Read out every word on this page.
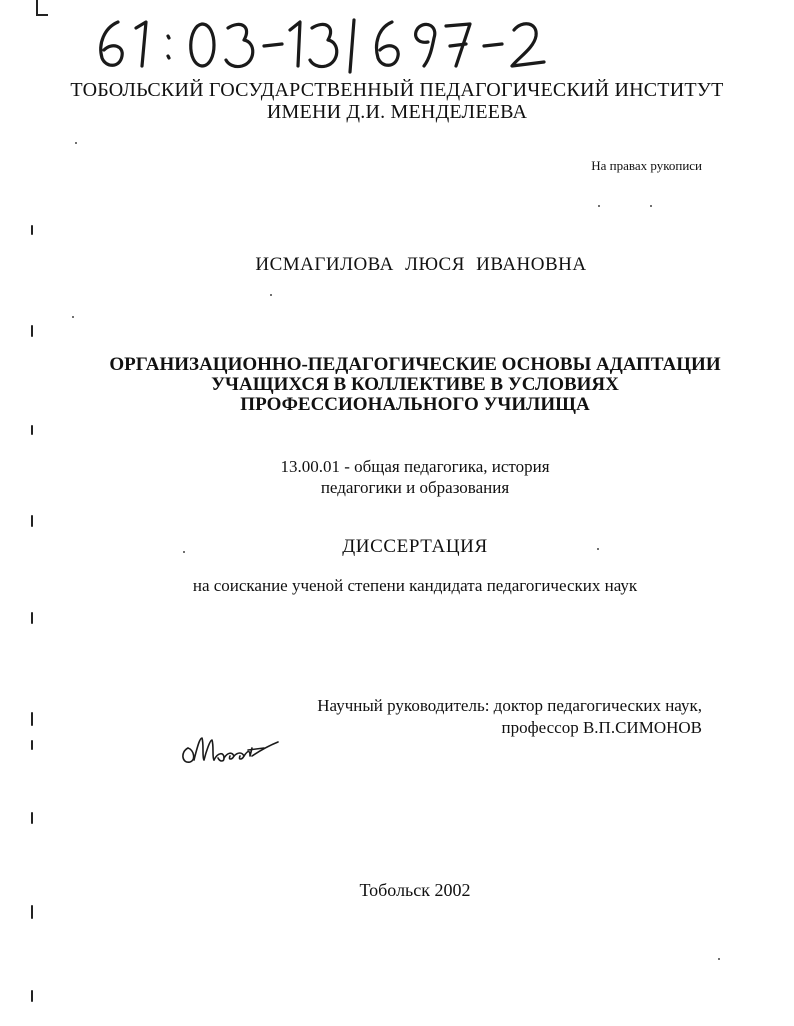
ТОБОЛЬСКИЙ ГОСУДАРСТВЕННЫЙ ПЕДАГОГИЧЕСКИЙ ИНСТИТУТ
ИМЕНИ Д.И. МЕНДЕЛЕЕВА
На правах рукописи
ИСМАГИЛОВА ЛЮСЯ ИВАНОВНА
ОРГАНИЗАЦИОННО-ПЕДАГОГИЧЕСКИЕ ОСНОВЫ АДАПТАЦИИ
УЧАЩИХСЯ В КОЛЛЕКТИВЕ В УСЛОВИЯХ
ПРОФЕССИОНАЛЬНОГО УЧИЛИЩА
13.00.01 - общая педагогика, история
педагогики и образования
ДИССЕРТАЦИЯ
на соискание ученой степени кандидата педагогических наук
Научный руководитель: доктор педагогических наук,
профессор В.П.СИМОНОВ
Тобольск 2002
